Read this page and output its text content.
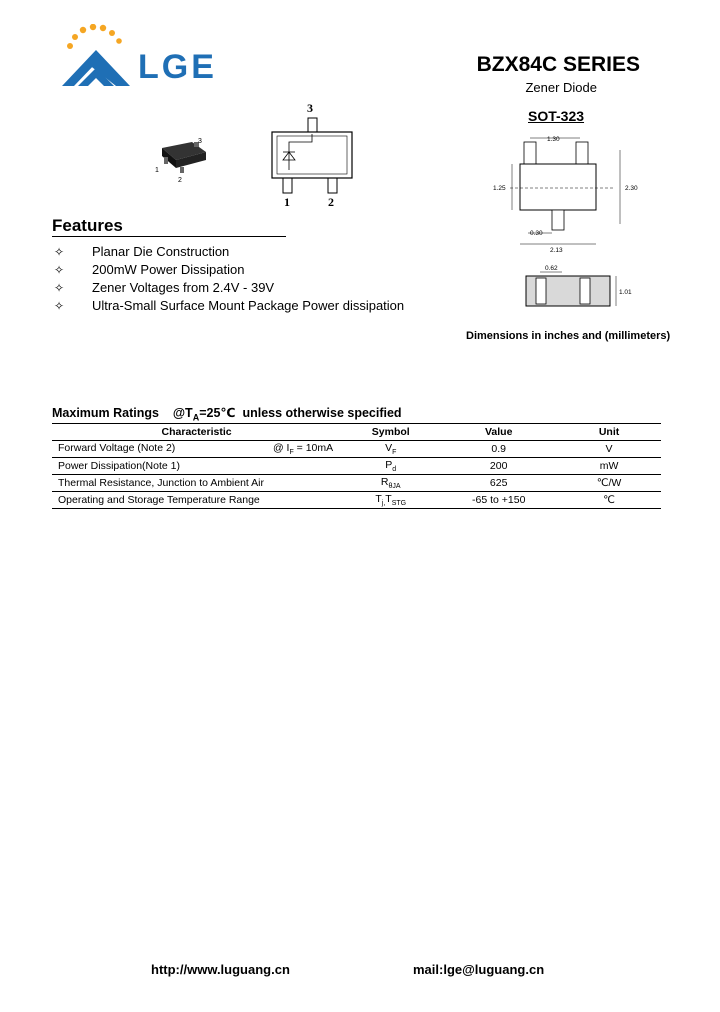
LGE	BZX84C SERIES
Zener Diode
SOT-323
3
1
2
3
1	2
1.30
1.25	2.30
0.30
2.13
0.62
1.01
Dimensions in inches and (millimeters)
Features
✧ Planar Die Construction
✧ 200mW Power Dissipation
✧ Zener Voltages from 2.4V - 39V
✧ Ultra-Small Surface Mount Package Power dissipation
Maximum Ratings    $@T_A=25℃$  unless otherwise specified
Characteristic	Symbol	Value	Unit
Forward Voltage (Note 2) @ $I_F = 10mA$	$V_F$	0.9	V
Power Dissipation(Note 1)	$P_d$	200	mW
Thermal Resistance, Junction to Ambient Air	$R_{\theta JA}$	625	℃/W
Operating and Storage Temperature Range	$T_{j,}T_{STG}$	-65 to +150	℃
http://www.luguang.cn	mail:lge@luguang.cn
